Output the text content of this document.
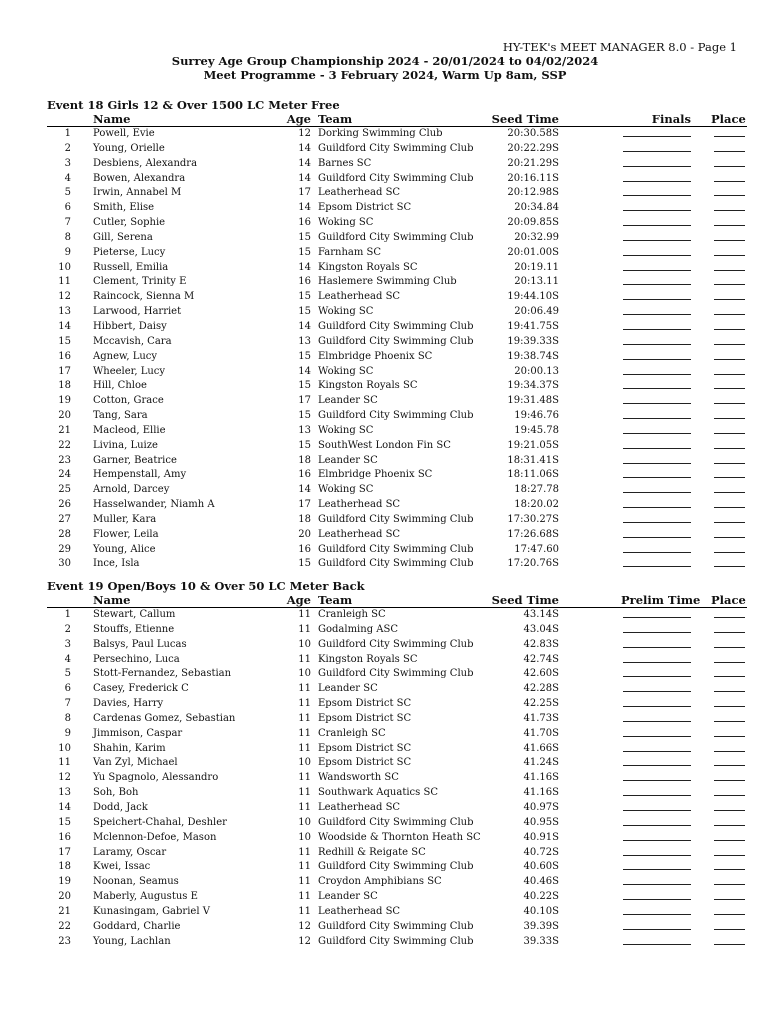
HY-TEK's MEET MANAGER 8.0 - Page 1
Surrey Age Group Championship 2024 - 20/01/2024 to 04/02/2024
Meet Programme - 3 February 2024, Warm Up 8am, SSP
Event 18 Girls 12 & Over 1500 LC Meter Free
Name	Age Team	Seed Time	Finals Place
1 Powell, Evie	12 Dorking Swimming Club	20:30.58S
2 Young, Orielle	14 Guildford City Swimming Club	20:22.29S
3 Desbiens, Alexandra	14 Barnes SC	20:21.29S
4 Bowen, Alexandra	14 Guildford City Swimming Club	20:16.11S
5 Irwin, Annabel M	17 Leatherhead SC	20:12.98S
6 Smith, Elise	14 Epsom District SC	20:34.84
7 Cutler, Sophie	16 Woking SC	20:09.85S
8 Gill, Serena	15 Guildford City Swimming Club	20:32.99
9 Pieterse, Lucy	15 Farnham SC	20:01.00S
10 Russell, Emilia	14 Kingston Royals SC	20:19.11
11 Clement, Trinity E	16 Haslemere Swimming Club	20:13.11
12 Raincock, Sienna M	15 Leatherhead SC	19:44.10S
13 Larwood, Harriet	15 Woking SC	20:06.49
14 Hibbert, Daisy	14 Guildford City Swimming Club	19:41.75S
15 Mccavish, Cara	13 Guildford City Swimming Club	19:39.33S
16 Agnew, Lucy	15 Elmbridge Phoenix SC	19:38.74S
17 Wheeler, Lucy	14 Woking SC	20:00.13
18 Hill, Chloe	15 Kingston Royals SC	19:34.37S
19 Cotton, Grace	17 Leander SC	19:31.48S
20 Tang, Sara	15 Guildford City Swimming Club	19:46.76
21 Macleod, Ellie	13 Woking SC	19:45.78
22 Livina, Luize	15 SouthWest London Fin SC	19:21.05S
23 Garner, Beatrice	18 Leander SC	18:31.41S
24 Hempenstall, Amy	16 Elmbridge Phoenix SC	18:11.06S
25 Arnold, Darcey	14 Woking SC	18:27.78
26 Hasselwander, Niamh A	17 Leatherhead SC	18:20.02
27 Muller, Kara	18 Guildford City Swimming Club	17:30.27S
28 Flower, Leila	20 Leatherhead SC	17:26.68S
29 Young, Alice	16 Guildford City Swimming Club	17:47.60
30 Ince, Isla	15 Guildford City Swimming Club	17:20.76S
Event 19 Open/Boys 10 & Over 50 LC Meter Back
Name	Age Team	Seed Time	Prelim Time Place
1 Stewart, Callum	11 Cranleigh SC	43.14S
2 Stouffs, Etienne	11 Godalming ASC	43.04S
3 Balsys, Paul Lucas	10 Guildford City Swimming Club	42.83S
4 Persechino, Luca	11 Kingston Royals SC	42.74S
5 Stott-Fernandez, Sebastian	10 Guildford City Swimming Club	42.60S
6 Casey, Frederick C	11 Leander SC	42.28S
7 Davies, Harry	11 Epsom District SC	42.25S
8 Cardenas Gomez, Sebastian	11 Epsom District SC	41.73S
9 Jimmison, Caspar	11 Cranleigh SC	41.70S
10 Shahin, Karim	11 Epsom District SC	41.66S
11 Van Zyl, Michael	10 Epsom District SC	41.24S
12 Yu Spagnolo, Alessandro	11 Wandsworth SC	41.16S
13 Soh, Boh	11 Southwark Aquatics SC	41.16S
14 Dodd, Jack	11 Leatherhead SC	40.97S
15 Speichert-Chahal, Deshler	10 Guildford City Swimming Club	40.95S
16 Mclennon-Defoe, Mason	10 Woodside & Thornton Heath SC	40.91S
17 Laramy, Oscar	11 Redhill & Reigate SC	40.72S
18 Kwei, Issac	11 Guildford City Swimming Club	40.60S
19 Noonan, Seamus	11 Croydon Amphibians SC	40.46S
20 Maberly, Augustus E	11 Leander SC	40.22S
21 Kunasingam, Gabriel V	11 Leatherhead SC	40.10S
22 Goddard, Charlie	12 Guildford City Swimming Club	39.39S
23 Young, Lachlan	12 Guildford City Swimming Club	39.33S
